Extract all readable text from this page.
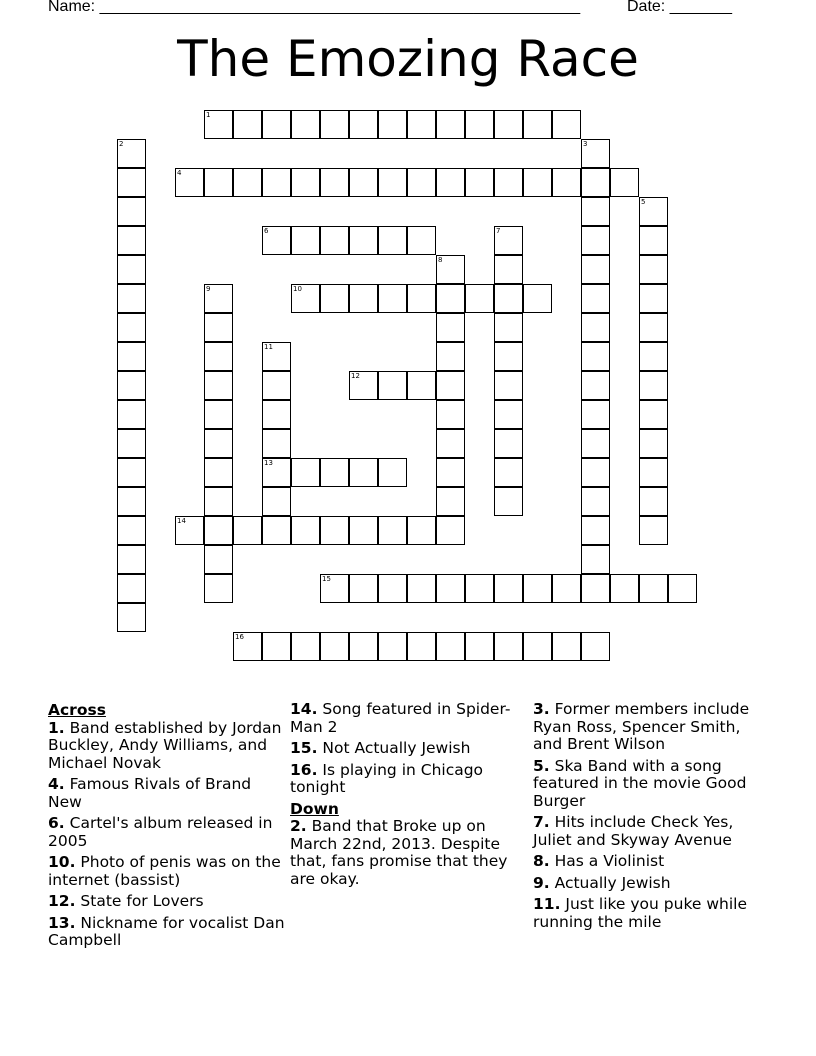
Name: ______________________________________________________	Date: _______
The Emozing Race
1
2	3
4
5
6	7
8
9	10
11
13
12
14
15
16
Across
1. Band established by Jordan Buckley, Andy Williams, and Michael Novak
4. Famous Rivals of Brand New
6. Cartel's album released in 2005
10. Photo of penis was on the internet (bassist)
12. State for Lovers
13. Nickname for vocalist Dan Campbell
14. Song featured in Spider-Man 2
15. Not Actually Jewish
16. Is playing in Chicago tonight
Down
2. Band that Broke up on March 22nd, 2013. Despite that, fans promise that they are okay.
3. Former members include Ryan Ross, Spencer Smith, and Brent Wilson
5. Ska Band with a song featured in the movie Good Burger
7. Hits include Check Yes, Juliet and Skyway Avenue
8. Has a Violinist
9. Actually Jewish
11. Just like you puke while running the mile
